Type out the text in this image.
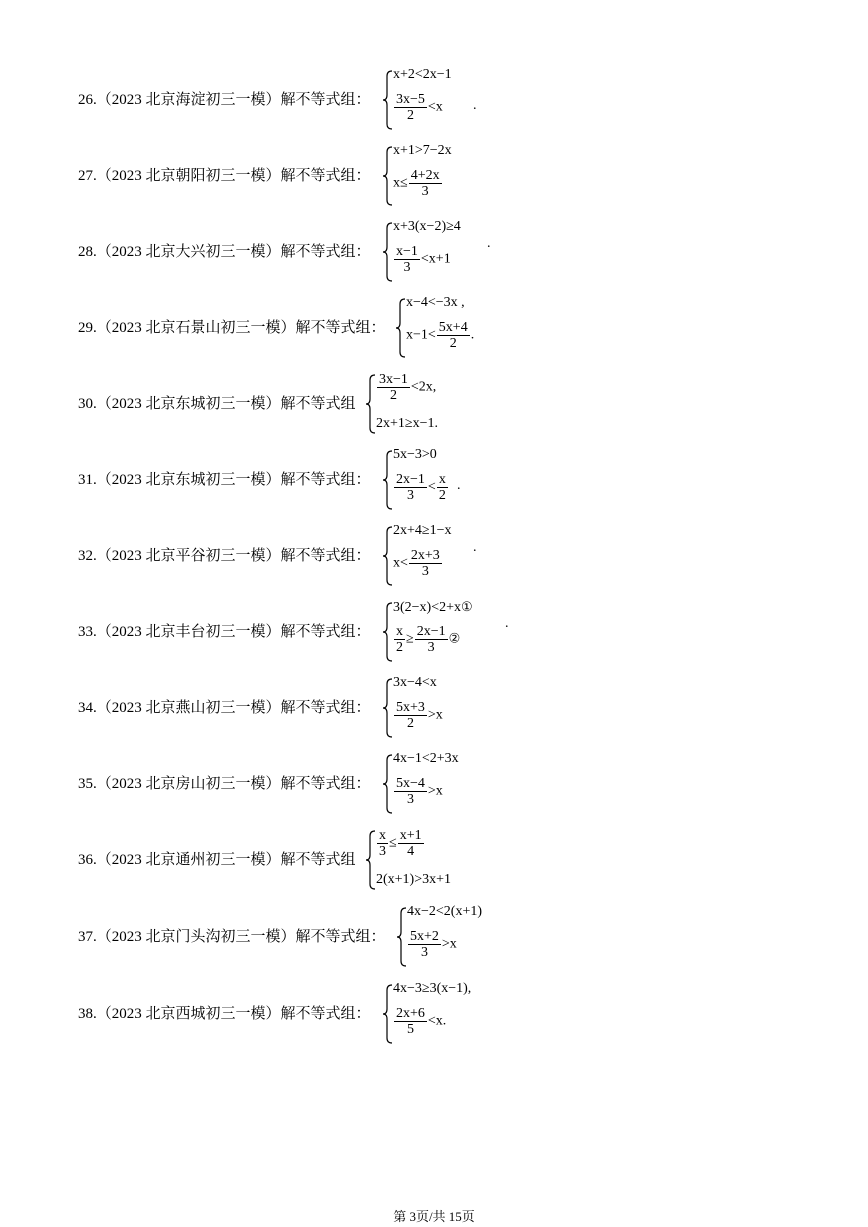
26.（2023 北京海淀初三一模）解不等式组：
x+2<2x−1
$\frac{3x-5}{2} <x$ .
27.（2023 北京朝阳初三一模）解不等式组：
x+1>7−2x
$x\le \frac{4+2x}{3}$
28.（2023 北京大兴初三一模）解不等式组：
x+3(x−2)≥4
$\frac{x-1}{3} <x+1$
.
29.（2023 北京石景山初三一模）解不等式组：
x−4<−3x ,
$x-1< \frac{5x+4}{2}$ .
30.（2023 北京东城初三一模）解不等式组
$\frac{3x-1}{2} <2x$,
2x+1≥x−1.
31.（2023 北京东城初三一模）解不等式组：
5x−3>0
$\frac{2x-1}{3} < \frac{x}{2}$ .
32.（2023 北京平谷初三一模）解不等式组：
2x+4≥1−x
$x< \frac{2x+3}{3}$
.
33.（2023 北京丰台初三一模）解不等式组：
3(2−x)<2+x①
$\frac{x}{2} \ge \frac{2x-1}{3}$ ②
.
34.（2023 北京燕山初三一模）解不等式组：
3x−4<x
$\frac{5x+3}{2} >x$
35.（2023 北京房山初三一模）解不等式组：
4x−1<2+3x
$\frac{5x-4}{3} >x$
36.（2023 北京通州初三一模）解不等式组
$\frac{x}{3} \le \frac{x+1}{4}$
2(x+1)>3x+1
37.（2023 北京门头沟初三一模）解不等式组：
4x−2<2(x+1)
$\frac{5x+2}{3} >x$
38.（2023 北京西城初三一模）解不等式组：
4x−3≥3(x−1),
$\frac{2x+6}{5} <x$.
第 3页/共 15页
